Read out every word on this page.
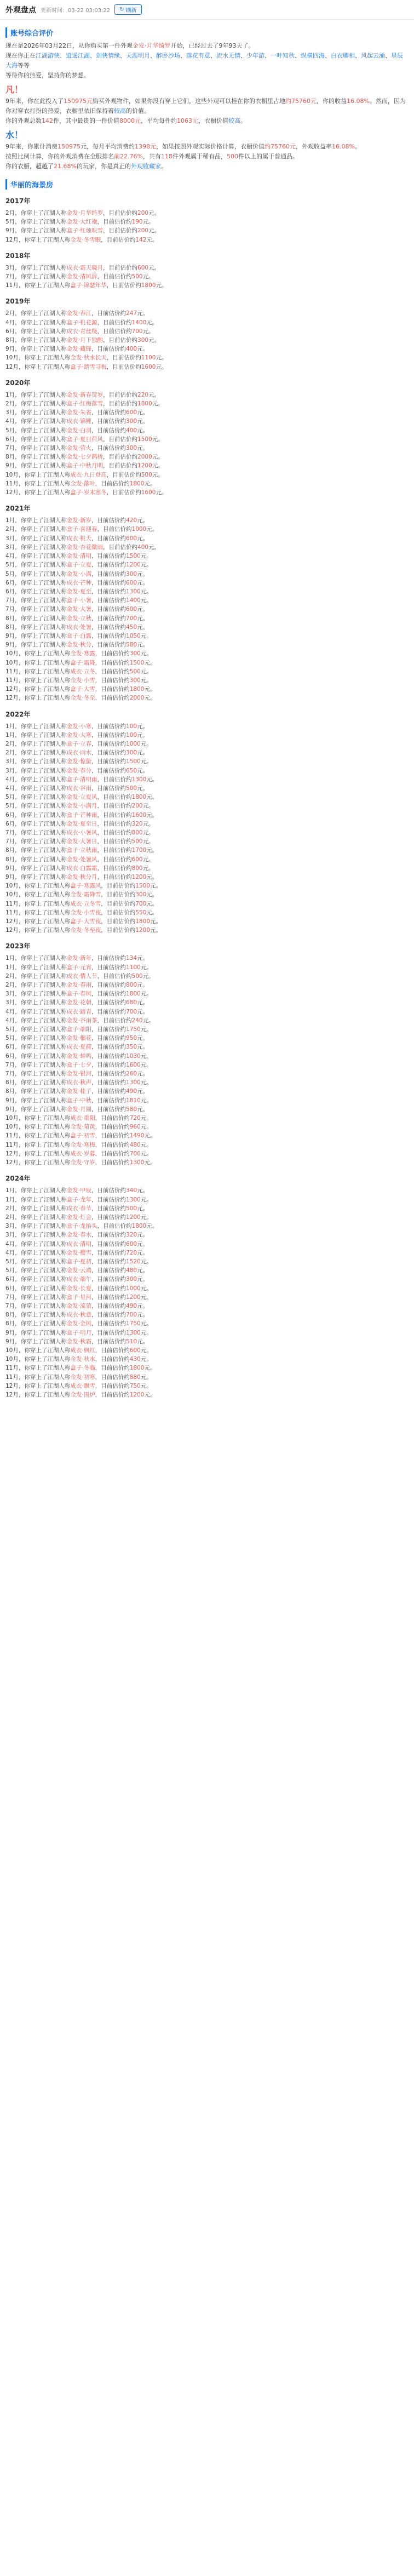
外观盘点 更新时间：03-22 03:03:22 ↻ 刷新
账号综合评价

现在是2026年03月22日，从你购买第一件外观金发·月华绮罗开始，已经过去了9年93天了。

现在你正在江湖游侠、逍遥江湖、剑侠情缘、天涯明月、醉卧沙场、落花有意、流水无情、少年游、一叶知秋、纵横四海、白衣卿相、风起云涌、星辰大海等等

等待你的热爱，坚持你的梦想。

凡！

9年来，你在此投入了150975元购买外观物件，如果你没有穿上它们，这些外观可以挂在你的衣橱里占地约75760元，你的收益16.08%。然而，因为你对穿衣打扮的热爱，衣橱里依旧保持着较高的价值。

你的外观总数142件，其中最贵的一件价值8000元，平均每件约1063元，衣橱价值较高。

水！

9年来，你累计消费150975元，每月平均消费约1398元，如果按照外观实际价格计算，衣橱价值约75760元，外观收益率16.08%。

按照比例计算，你的外观消费在全服排名前22.76%，共有118件外观属于稀有品，500件以上的属于普通品。

你的衣橱，超越了21.68%的玩家，你是真正的外观收藏家。

华丽的海景房
2017年
2月，你穿上了江湖人称金发·月华绮罗，目前估价约200元。
5月，你穿上了江湖人称金发·大红袍，目前估价约190元。
9月，你穿上了江湖人称盒子·红烛映雪，目前估价约200元。
12月，你穿上了江湖人称金发·冬雪眠，目前估价约142元。
2018年
3月，你穿上了江湖人称成衣·霜天晓月，目前估价约600元。
7月，你穿上了江湖人称金发·清风辞，目前估价约500元。
11月，你穿上了江湖人称盒子·锦瑟年华，目前估价约1800元。
2019年
2月，你穿上了江湖人称金发·春江，目前估价约247元。
4月，你穿上了江湖人称盒子·桃花源，目前估价约1400元。
6月，你穿上了江湖人称成衣·青丝绕，目前估价约700元。
8月，你穿上了江湖人称金发·月下独酌，目前估价约300元。
9月，你穿上了江湖人称金发·藏锋，目前估价约400元。
10月，你穿上了江湖人称金发·秋水长天，目前估价约1100元。
12月，你穿上了江湖人称盒子·踏雪寻梅，目前估价约1600元。
2020年
1月，你穿上了江湖人称金发·新春贺岁，目前估价约220元。
2月，你穿上了江湖人称盒子·红梅落雪，目前估价约1800元。
3月，你穿上了江湖人称金发·朱雀，目前估价约600元。
4月，你穿上了江湖人称成衣·锦鲤，目前估价约300元。
5月，你穿上了江湖人称金发·白羽，目前估价约400元。
6月，你穿上了江湖人称盒子·夏日荷风，目前估价约1500元。
7月，你穿上了江湖人称金发·萤火，目前估价约300元。
8月，你穿上了江湖人称金发·七夕鹊桥，目前估价约2000元。
9月，你穿上了江湖人称盒子·中秋月明，目前估价约1200元。
10月，你穿上了江湖人称成衣·九日登高，目前估价约500元。
11月，你穿上了江湖人称金发·落叶，目前估价约1800元。
12月，你穿上了江湖人称盒子·岁末寒冬，目前估价约1600元。
2021年
1月，你穿上了江湖人称金发·新岁，目前估价约420元。
2月，你穿上了江湖人称盒子·喜迎春，目前估价约1000元。
3月，你穿上了江湖人称成衣·桃夭，目前估价约600元。
3月，你穿上了江湖人称金发·杏花微雨，目前估价约400元。
4月，你穿上了江湖人称金发·清明，目前估价约1500元。
5月，你穿上了江湖人称盒子·立夏，目前估价约1200元。
5月，你穿上了江湖人称金发·小满，目前估价约300元。
6月，你穿上了江湖人称成衣·芒种，目前估价约600元。
6月，你穿上了江湖人称金发·夏至，目前估价约1300元。
7月，你穿上了江湖人称盒子·小暑，目前估价约1400元。
7月，你穿上了江湖人称金发·大暑，目前估价约600元。
8月，你穿上了江湖人称金发·立秋，目前估价约700元。
8月，你穿上了江湖人称成衣·处暑，目前估价约450元。
9月，你穿上了江湖人称盒子·白露，目前估价约1050元。
9月，你穿上了江湖人称金发·秋分，目前估价约580元。
10月，你穿上了江湖人称金发·寒露，目前估价约300元。
10月，你穿上了江湖人称盒子·霜降，目前估价约1500元。
11月，你穿上了江湖人称成衣·立冬，目前估价约500元。
11月，你穿上了江湖人称金发·小雪，目前估价约300元。
12月，你穿上了江湖人称盒子·大雪，目前估价约1800元。
12月，你穿上了江湖人称金发·冬至，目前估价约2000元。
2022年
1月，你穿上了江湖人称金发·小寒，目前估价约100元。
1月，你穿上了江湖人称金发·大寒，目前估价约100元。
2月，你穿上了江湖人称盒子·立春，目前估价约1000元。
2月，你穿上了江湖人称成衣·雨水，目前估价约300元。
3月，你穿上了江湖人称金发·惊蛰，目前估价约1500元。
3月，你穿上了江湖人称金发·春分，目前估价约650元。
4月，你穿上了江湖人称盒子·清明雨，目前估价约1300元。
4月，你穿上了江湖人称成衣·谷雨，目前估价约500元。
5月，你穿上了江湖人称金发·立夏风，目前估价约1800元。
5月，你穿上了江湖人称金发·小满月，目前估价约200元。
6月，你穿上了江湖人称盒子·芒种雨，目前估价约1600元。
6月，你穿上了江湖人称金发·夏至日，目前估价约320元。
7月，你穿上了江湖人称成衣·小暑风，目前估价约800元。
7月，你穿上了江湖人称金发·大暑日，目前估价约500元。
8月，你穿上了江湖人称盒子·立秋雨，目前估价约1700元。
8月，你穿上了江湖人称金发·处暑风，目前估价约600元。
9月，你穿上了江湖人称成衣·白露霜，目前估价约800元。
9月，你穿上了江湖人称金发·秋分月，目前估价约1200元。
10月，你穿上了江湖人称盒子·寒露风，目前估价约1500元。
10月，你穿上了江湖人称金发·霜降雪，目前估价约300元。
11月，你穿上了江湖人称成衣·立冬雪，目前估价约700元。
11月，你穿上了江湖人称金发·小雪夜，目前估价约550元。
12月，你穿上了江湖人称盒子·大雪夜，目前估价约1800元。
12月，你穿上了江湖人称金发·冬至夜，目前估价约1200元。
2023年
1月，你穿上了江湖人称金发·新年，目前估价约134元。
1月，你穿上了江湖人称盒子·元宵，目前估价约1100元。
2月，你穿上了江湖人称成衣·情人节，目前估价约500元。
2月，你穿上了江湖人称金发·春雨，目前估价约800元。
3月，你穿上了江湖人称盒子·春风，目前估价约1800元。
3月，你穿上了江湖人称金发·花朝，目前估价约680元。
4月，你穿上了江湖人称成衣·踏青，目前估价约700元。
4月，你穿上了江湖人称金发·谷雨茶，目前估价约240元。
5月，你穿上了江湖人称盒子·端阳，目前估价约1750元。
5月，你穿上了江湖人称金发·榴花，目前估价约950元。
6月，你穿上了江湖人称成衣·夏荷，目前估价约350元。
6月，你穿上了江湖人称金发·蝉鸣，目前估价约1030元。
7月，你穿上了江湖人称盒子·七夕，目前估价约1600元。
7月，你穿上了江湖人称金发·银河，目前估价约260元。
8月，你穿上了江湖人称成衣·秋声，目前估价约1300元。
8月，你穿上了江湖人称金发·桂子，目前估价约490元。
9月，你穿上了江湖人称盒子·中秋，目前估价约1810元。
9月，你穿上了江湖人称金发·月圆，目前估价约580元。
10月，你穿上了江湖人称成衣·重阳，目前估价约720元。
10月，你穿上了江湖人称金发·菊黄，目前估价约960元。
11月，你穿上了江湖人称盒子·初雪，目前估价约1490元。
11月，你穿上了江湖人称金发·寒梅，目前估价约480元。
12月，你穿上了江湖人称成衣·岁暮，目前估价约700元。
12月，你穿上了江湖人称金发·守岁，目前估价约1300元。
2024年
1月，你穿上了江湖人称金发·甲辰，目前估价约340元。
1月，你穿上了江湖人称盒子·龙年，目前估价约1300元。
2月，你穿上了江湖人称成衣·春节，目前估价约500元。
2月，你穿上了江湖人称金发·灯会，目前估价约1200元。
3月，你穿上了江湖人称盒子·龙抬头，目前估价约1800元。
3月，你穿上了江湖人称金发·春水，目前估价约320元。
4月，你穿上了江湖人称成衣·清明，目前估价约600元。
4月，你穿上了江湖人称金发·樱雪，目前估价约720元。
5月，你穿上了江湖人称盒子·夏初，目前估价约1520元。
5月，你穿上了江湖人称金发·云端，目前估价约480元。
6月，你穿上了江湖人称成衣·端午，目前估价约300元。
6月，你穿上了江湖人称金发·长夏，目前估价约1000元。
7月，你穿上了江湖人称盒子·星河，目前估价约1200元。
7月，你穿上了江湖人称金发·流萤，目前估价约490元。
8月，你穿上了江湖人称成衣·秋意，目前估价约700元。
8月，你穿上了江湖人称金发·金风，目前估价约1750元。
9月，你穿上了江湖人称盒子·明月，目前估价约1300元。
9月，你穿上了江湖人称金发·秋霜，目前估价约510元。
10月，你穿上了江湖人称成衣·枫红，目前估价约600元。
10月，你穿上了江湖人称金发·秋水，目前估价约430元。
11月，你穿上了江湖人称盒子·冬临，目前估价约1800元。
11月，你穿上了江湖人称金发·初寒，目前估价约880元。
12月，你穿上了江湖人称成衣·飘雪，目前估价约750元。
12月，你穿上了江湖人称金发·围炉，目前估价约1200元。
